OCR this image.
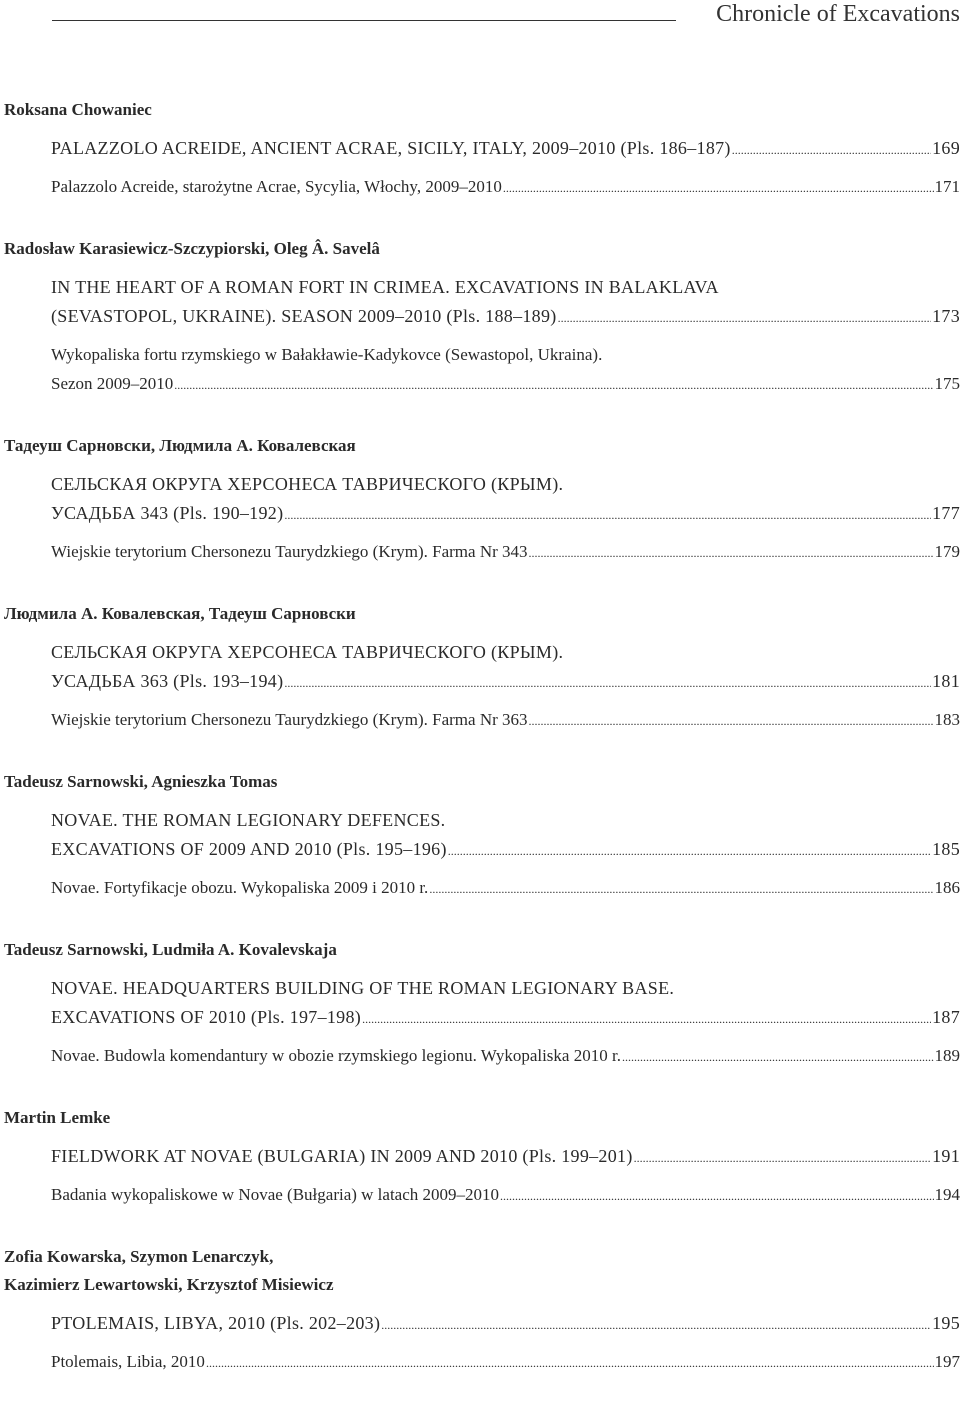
Chronicle of Excavations
Roksana Chowaniec
PALAZZOLO ACREIDE, ANCIENT ACRAE, SICILY, ITALY, 2009–2010 (Pls. 186–187) .....	169
Palazzolo Acreide, starożytne Acrae, Sycylia, Włochy, 2009–2010 .....	171
Radosław Karasiewicz-Szczypiorski, Oleg Â. Savelâ
IN THE HEART OF A ROMAN FORT IN CRIMEA. EXCAVATIONS IN BALAKLAVA
(SEVASTOPOL, UKRAINE). SEASON 2009–2010 (Pls. 188–189) .....	173
Wykopaliska fortu rzymskiego w Bałakławie-Kadykovce (Sewastopol, Ukraina).
Sezon 2009–2010 .....	175
Тадеуш Сарновски, Людмила А. Ковалевская
СЕЛЬСКАЯ ОКРУГА ХЕРСОНЕСА ТАВРИЧЕСКОГО (КРЫМ).
УСАДЬБА 343 (Pls. 190–192) .....	177
Wiejskie terytorium Chersonezu Taurydzkiego (Krym). Farma Nr 343 .....	179
Людмила А. Ковалевская, Тадеуш Сарновски
СЕЛЬСКАЯ ОКРУГА ХЕРСОНЕСА ТАВРИЧЕСКОГО (КРЫМ).
УСАДЬБА 363 (Pls. 193–194) .....	181
Wiejskie terytorium Chersonezu Taurydzkiego (Krym). Farma Nr 363 .....	183
Tadeusz Sarnowski, Agnieszka Tomas
NOVAE. THE ROMAN LEGIONARY DEFENCES.
EXCAVATIONS OF 2009 AND 2010 (Pls. 195–196) .....	185
Novae. Fortyfikacje obozu. Wykopaliska 2009 i 2010 r. .....	186
Tadeusz Sarnowski, Ludmiła A. Kovalevskaja
NOVAE. HEADQUARTERS BUILDING OF THE ROMAN LEGIONARY BASE.
EXCAVATIONS OF 2010 (Pls. 197–198) .....	187
Novae. Budowla komendantury w obozie rzymskiego legionu. Wykopaliska 2010 r. .....	189
Martin Lemke
FIELDWORK AT NOVAE (BULGARIA) IN 2009 AND 2010 (Pls. 199–201) .....	191
Badania wykopaliskowe w Novae (Bułgaria) w latach 2009–2010 .....	194
Zofia Kowarska, Szymon Lenarczyk,
Kazimierz Lewartowski, Krzysztof Misiewicz
PTOLEMAIS, LIBYA, 2010 (Pls. 202–203) .....	195
Ptolemais, Libia, 2010 .....	197
